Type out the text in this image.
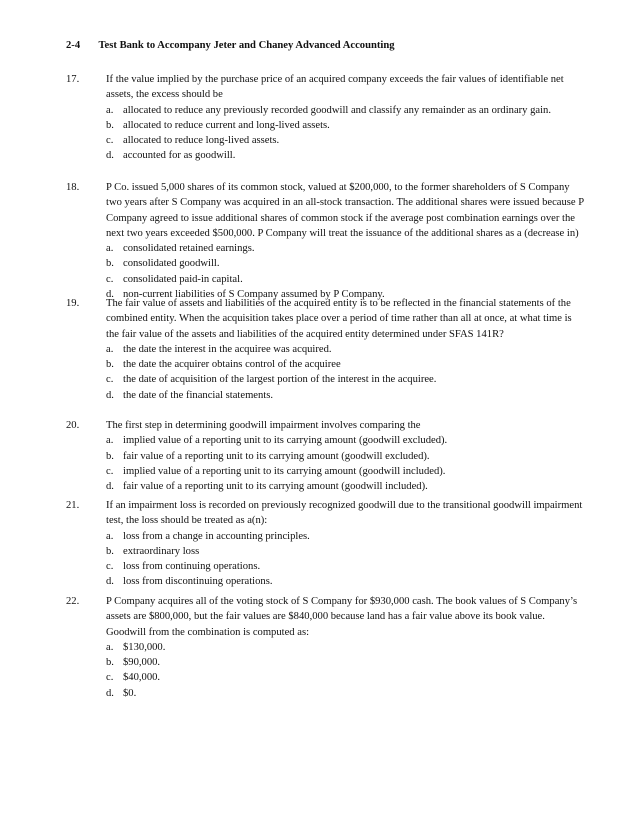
2-4 Test Bank to Accompany Jeter and Chaney Advanced Accounting
17.	If the value implied by the purchase price of an acquired company exceeds the fair values of identifiable net assets, the excess should be
a. allocated to reduce any previously recorded goodwill and classify any remainder as an ordinary gain.
b. allocated to reduce current and long-lived assets.
c. allocated to reduce long-lived assets.
d. accounted for as goodwill.
18.	P Co. issued 5,000 shares of its common stock, valued at $200,000, to the former shareholders of S Company two years after S Company was acquired in an all-stock transaction. The additional shares were issued because P Company agreed to issue additional shares of common stock if the average post combination earnings over the next two years exceeded $500,000. P Company will treat the issuance of the additional shares as a (decrease in)
a. consolidated retained earnings.
b. consolidated goodwill.
c. consolidated paid-in capital.
d. non-current liabilities of S Company assumed by P Company.
19.	The fair value of assets and liabilities of the acquired entity is to be reflected in the financial statements of the combined entity. When the acquisition takes place over a period of time rather than all at once, at what time is the fair value of the assets and liabilities of the acquired entity determined under SFAS 141R?
a. the date the interest in the acquiree was acquired.
b. the date the acquirer obtains control of the acquiree
c. the date of acquisition of the largest portion of the interest in the acquiree.
d. the date of the financial statements.
20.	The first step in determining goodwill impairment involves comparing the
a. implied value of a reporting unit to its carrying amount (goodwill excluded).
b. fair value of a reporting unit to its carrying amount (goodwill excluded).
c. implied value of a reporting unit to its carrying amount (goodwill included).
d. fair value of a reporting unit to its carrying amount (goodwill included).
21.	If an impairment loss is recorded on previously recognized goodwill due to the transitional goodwill impairment test, the loss should be treated as a(n):
a. loss from a change in accounting principles.
b. extraordinary loss
c. loss from continuing operations.
d. loss from discontinuing operations.
22.	P Company acquires all of the voting stock of S Company for $930,000 cash. The book values of S Company’s assets are $800,000, but the fair values are $840,000 because land has a fair value above its book value. Goodwill from the combination is computed as:
a. $130,000.
b. $90,000.
c. $40,000.
d. $0.
